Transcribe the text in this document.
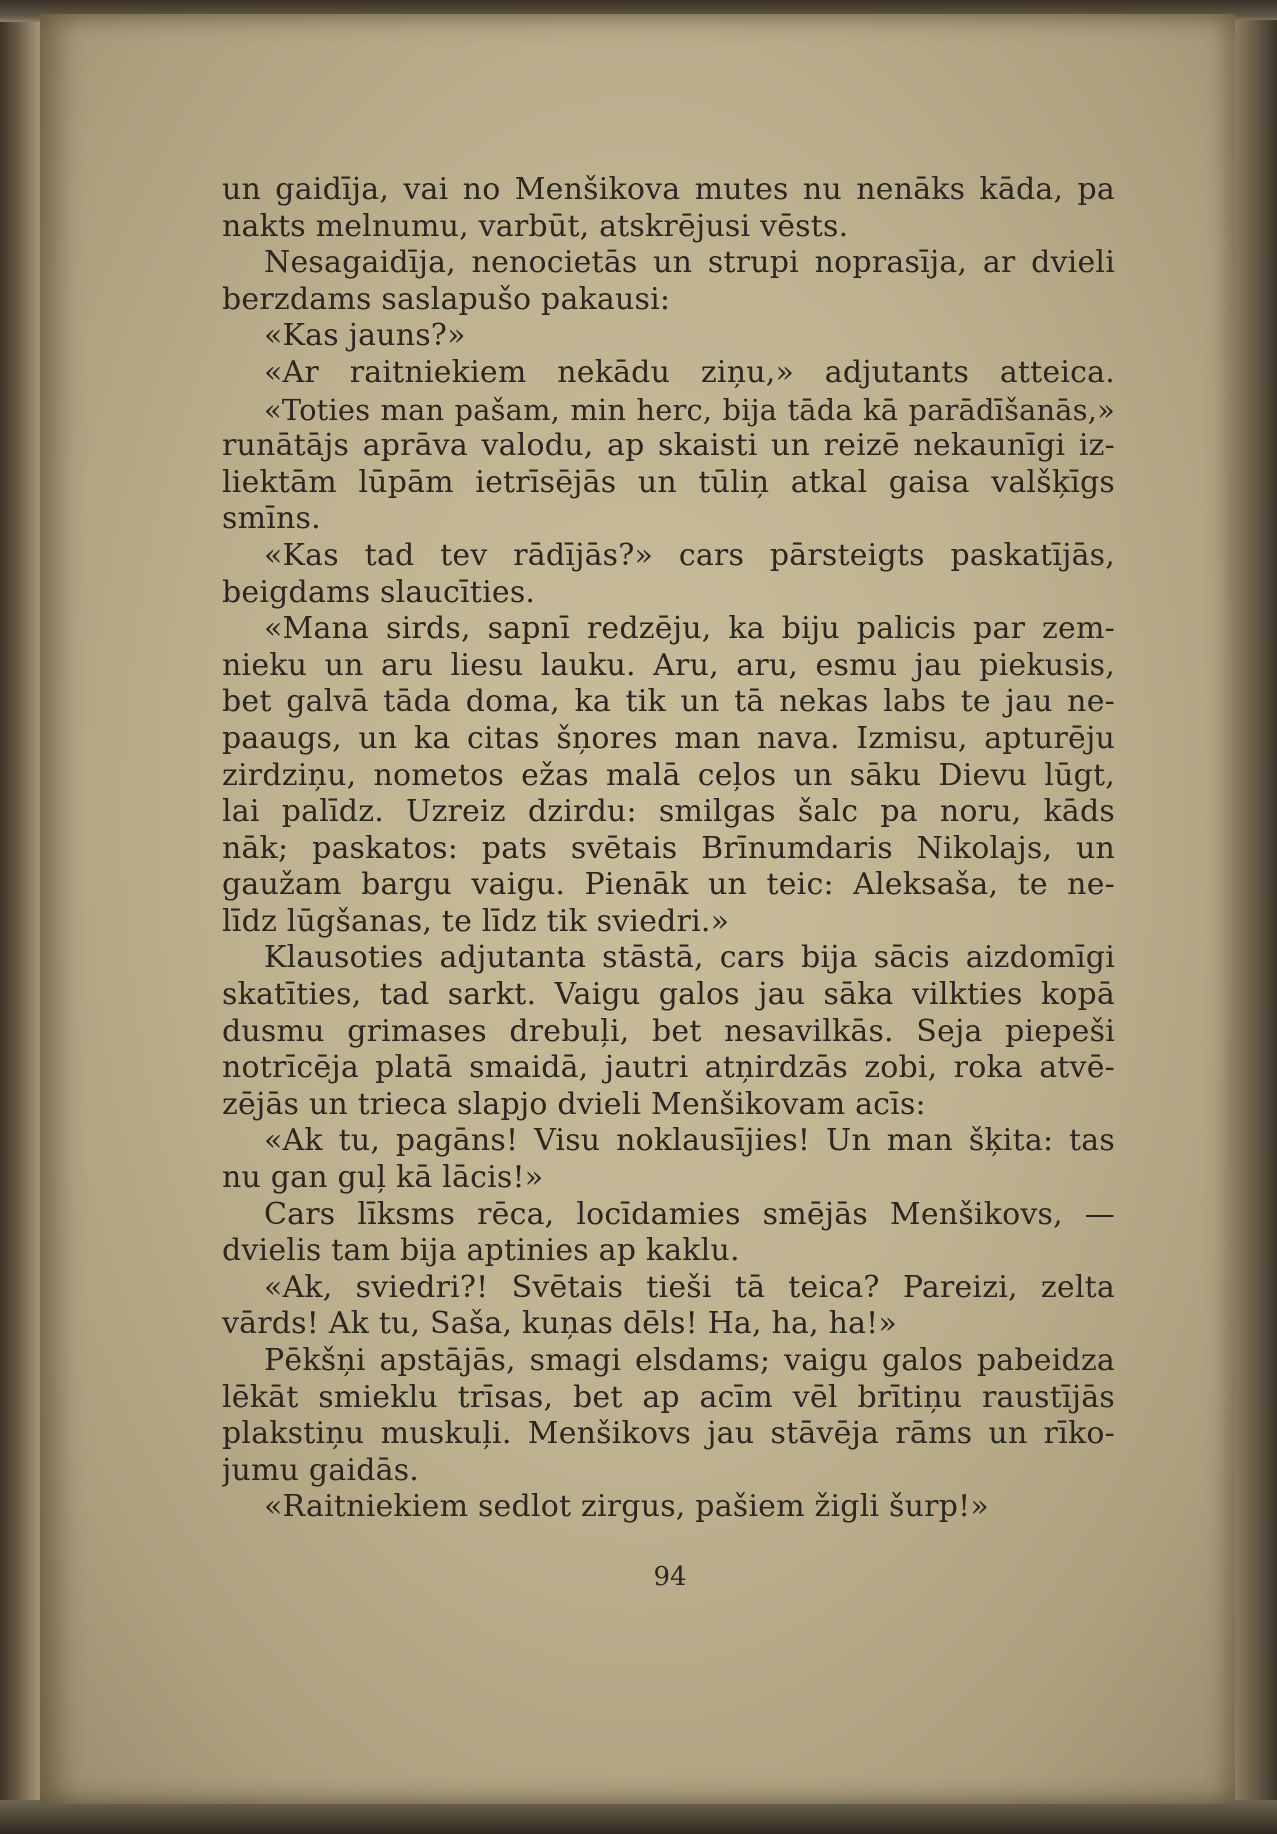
un gaidīja, vai no Menšikova mutes nu nenāks kāda, pa
nakts melnumu, varbūt, atskrējusi vēsts.
Nesagaidīja, nenocietās un strupi noprasīja, ar dvieli
berzdams saslapušo pakausi:
«Kas jauns?»
«Ar raitniekiem nekādu ziņu,» adjutants atteica.
«Toties man pašam, min herc, bija tāda kā parādīšanās,»
runātājs aprāva valodu, ap skaisti un reizē nekaunīgi iz-
liektām lūpām ietrīsējās un tūliņ atkal gaisa valšķīgs
smīns.
«Kas tad tev rādījās?» cars pārsteigts paskatījās,
beigdams slaucīties.
«Mana sirds, sapnī redzēju, ka biju palicis par zem-
nieku un aru liesu lauku. Aru, aru, esmu jau piekusis,
bet galvā tāda doma, ka tik un tā nekas labs te jau ne-
paaugs, un ka citas šņores man nava. Izmisu, apturēju
zirdziņu, nometos ežas malā ceļos un sāku Dievu lūgt,
lai palīdz. Uzreiz dzirdu: smilgas šalc pa noru, kāds
nāk; paskatos: pats svētais Brīnumdaris Nikolajs, un
gaužam bargu vaigu. Pienāk un teic: Aleksaša, te ne-
līdz lūgšanas, te līdz tik sviedri.»
Klausoties adjutanta stāstā, cars bija sācis aizdomīgi
skatīties, tad sarkt. Vaigu galos jau sāka vilkties kopā
dusmu grimases drebuļi, bet nesavilkās. Seja piepeši
notrīcēja platā smaidā, jautri atņirdzās zobi, roka atvē-
zējās un trieca slapjo dvieli Menšikovam acīs:
«Ak tu, pagāns! Visu noklausījies! Un man šķita: tas
nu gan guļ kā lācis!»
Cars līksms rēca, locīdamies smējās Menšikovs, —
dvielis tam bija aptinies ap kaklu.
«Ak, sviedri?! Svētais tieši tā teica? Pareizi, zelta
vārds! Ak tu, Saša, kuņas dēls! Ha, ha, ha!»
Pēkšņi apstājās, smagi elsdams; vaigu galos pabeidza
lēkāt smieklu trīsas, bet ap acīm vēl brītiņu raustījās
plakstiņu muskuļi. Menšikovs jau stāvēja rāms un rīko-
jumu gaidās.
«Raitniekiem sedlot zirgus, pašiem žigli šurp!»
94
